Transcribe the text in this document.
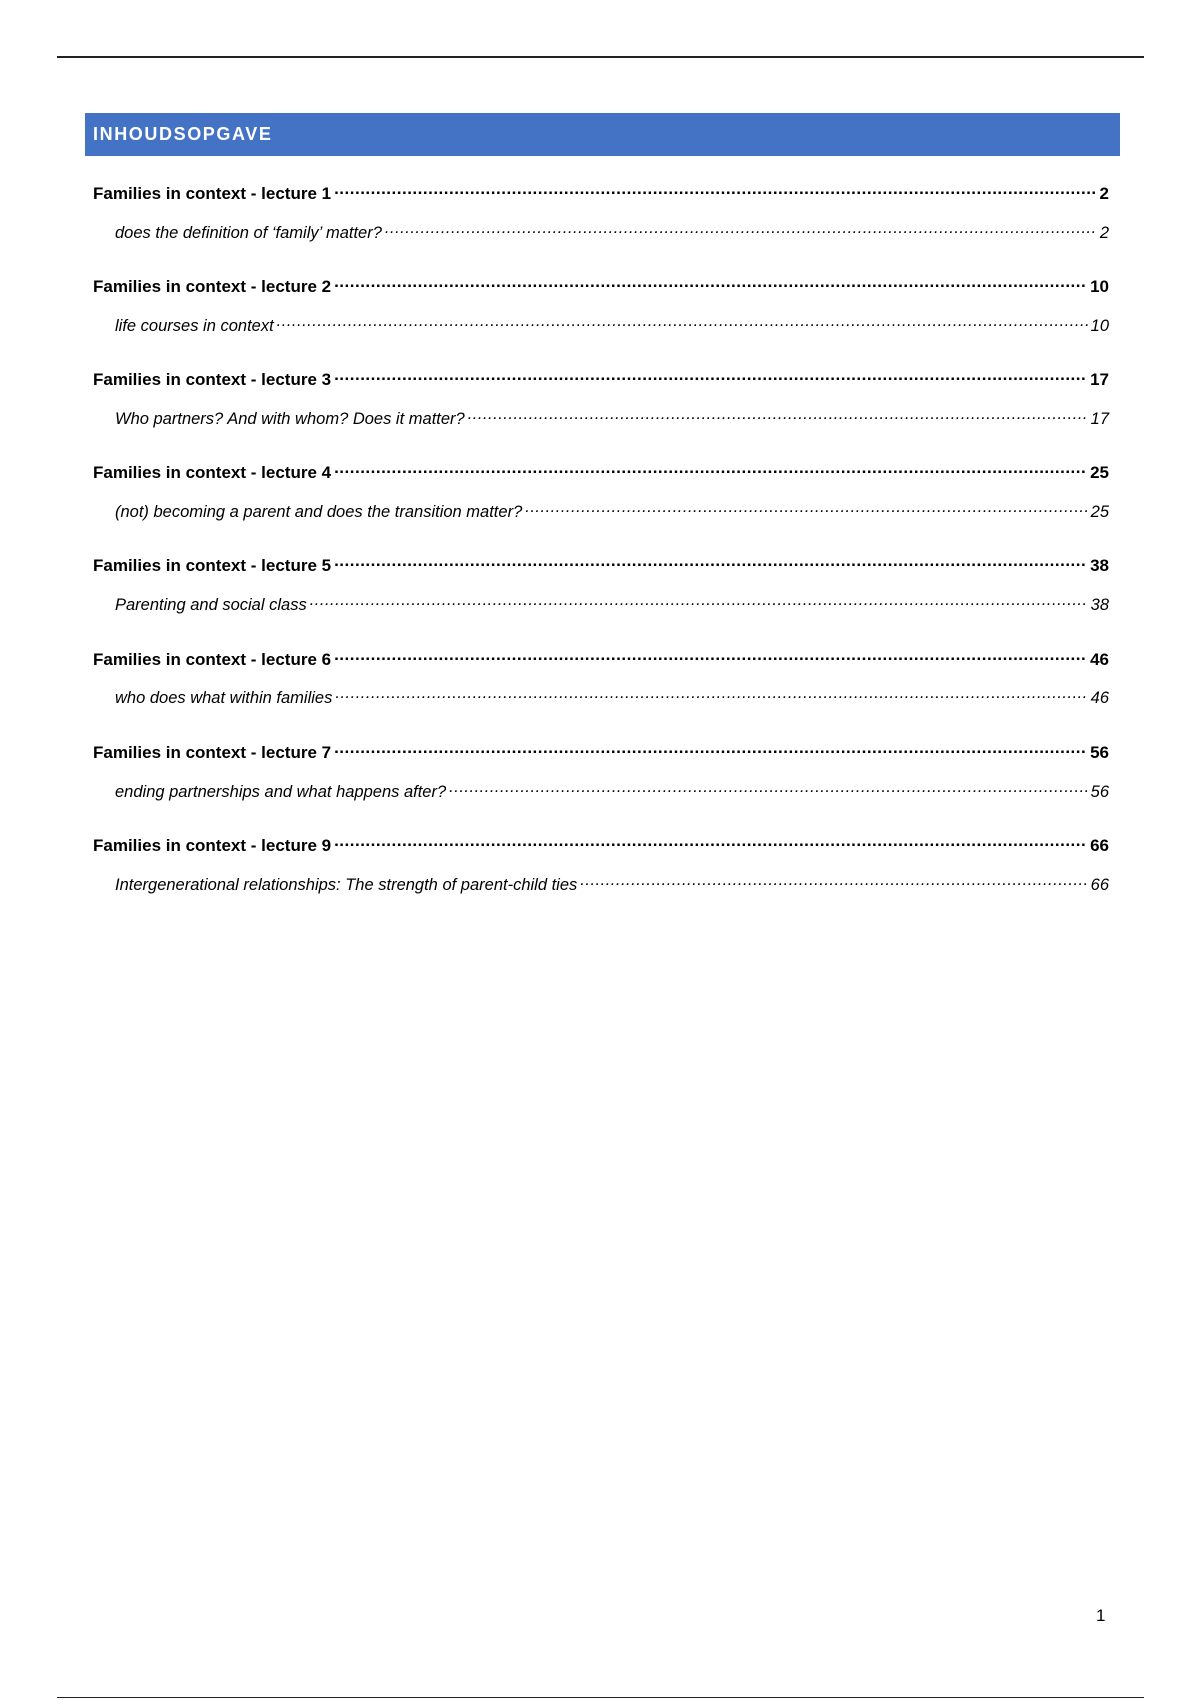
INHOUDSOPGAVE
Families in context - lecture 1 .....	2
does the definition of ‘family’ matter? .....	2
Families in context - lecture 2 .....	10
life courses in context .....	10
Families in context - lecture 3 .....	17
Who partners? And with whom? Does it matter? .....	17
Families in context - lecture 4 .....	25
(not) becoming a parent and does the transition matter? .....	25
Families in context - lecture 5 .....	38
Parenting and social class .....	38
Families in context - lecture 6 .....	46
who does what within families .....	46
Families in context - lecture 7 .....	56
ending partnerships and what happens after? .....	56
Families in context - lecture 9 .....	66
Intergenerational relationships: The strength of parent-child ties .....	66
1
